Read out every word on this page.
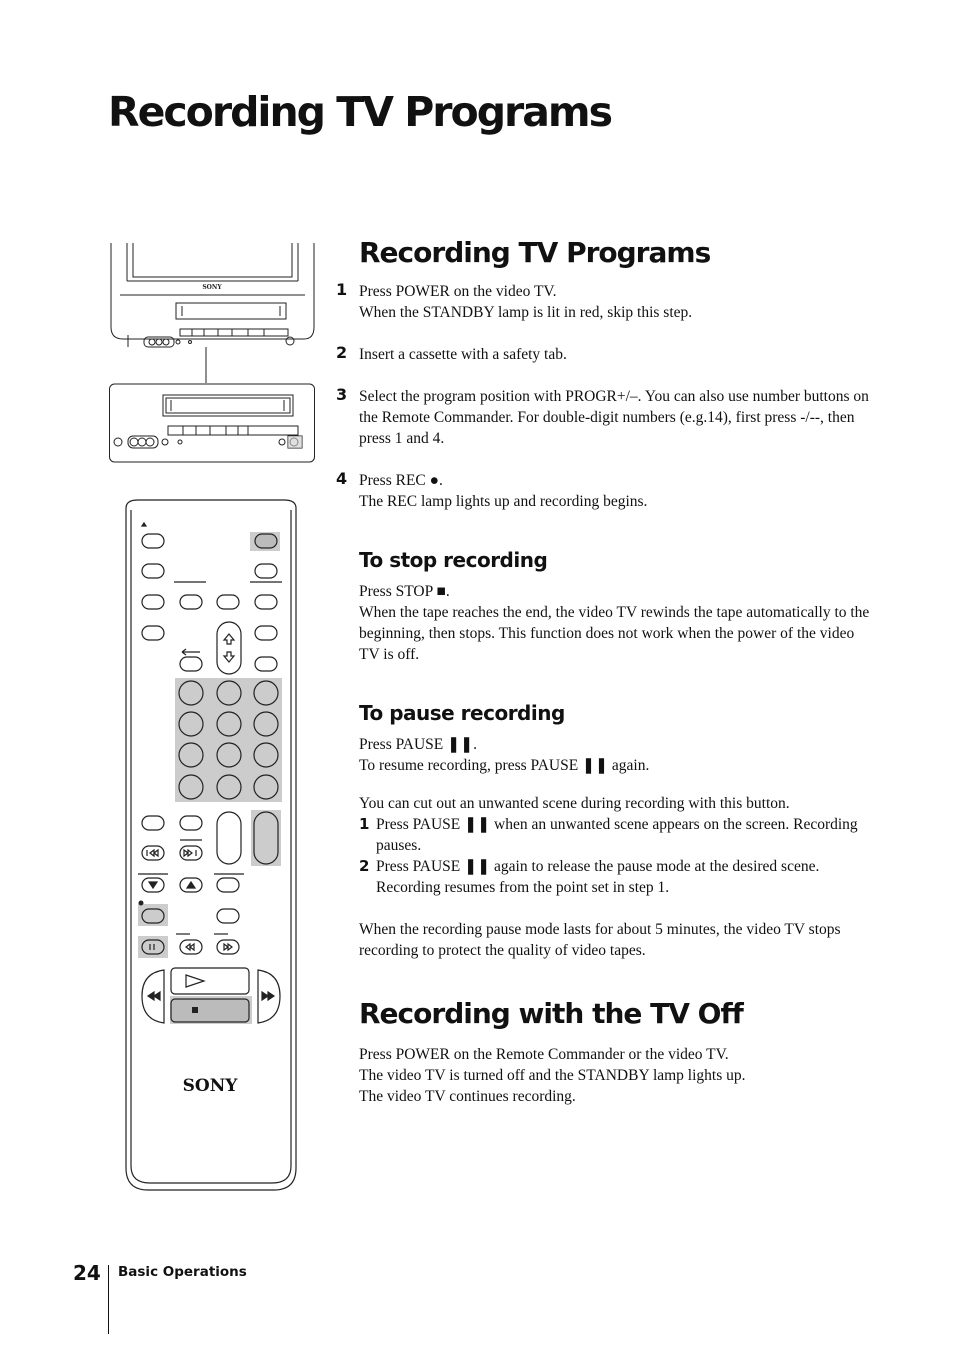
Recording TV Programs
SONY
SONY
Recording TV Programs
1 Press POWER on the video TV.
When the STANDBY lamp is lit in red, skip this step.
2 Insert a cassette with a safety tab.
3 Select the program position with PROGR+/–. You can also use number buttons on the Remote Commander. For double-digit numbers (e.g.14), first press -/--, then press 1 and 4.
4 Press REC ●.
The REC lamp lights up and recording begins.
To stop recording

Press STOP ■.

When the tape reaches the end, the video TV rewinds the tape automatically to the beginning, then stops. This function does not work when the power of the video TV is off.

To pause recording

Press PAUSE ❚❚.

To resume recording, press PAUSE ❚❚ again.

You can cut out an unwanted scene during recording with this button.

1 Press PAUSE ❚❚ when an unwanted scene appears on the screen. Recording pauses.
2 Press PAUSE ❚❚ again to release the pause mode at the desired scene. Recording resumes from the point set in step 1.

When the recording pause mode lasts for about 5 minutes, the video TV stops recording to protect the quality of video tapes.

Recording with the TV Off

Press POWER on the Remote Commander or the video TV.

The video TV is turned off and the STANDBY lamp lights up.

The video TV continues recording.

24 Basic Operations
